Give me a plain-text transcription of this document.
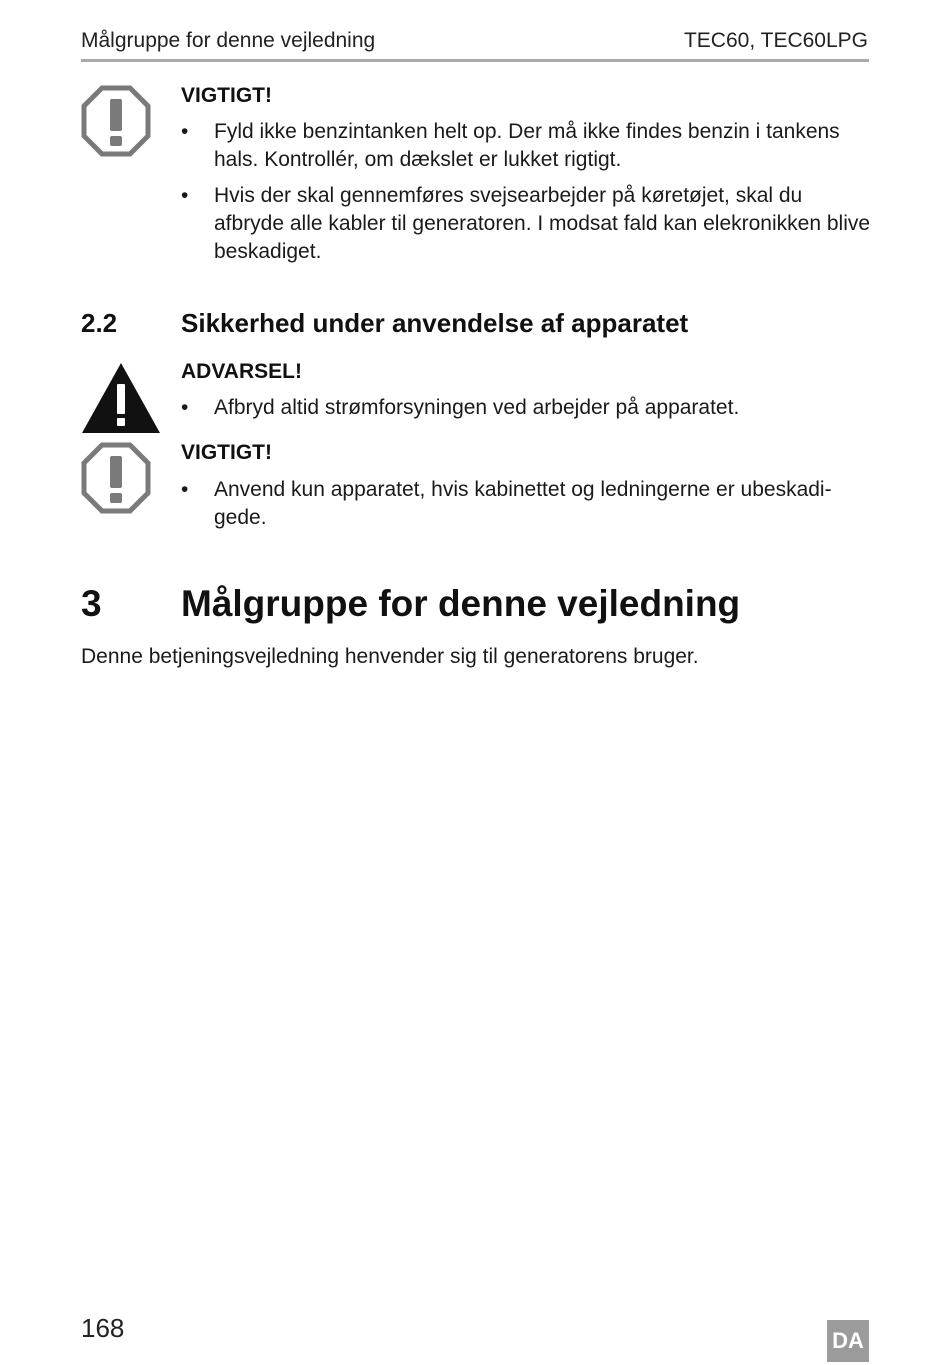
Målgruppe for denne vejledning	TEC60, TEC60LPG
VIGTIGT!
• Fyld ikke benzintanken helt op. Der må ikke findes benzin i tankens
hals. Kontrollér, om dækslet er lukket rigtigt.
• Hvis der skal gennemføres svejsearbejder på køretøjet, skal du
afbryde alle kabler til generatoren. I modsat fald kan elekronikken blive
beskadiget.
2.2 Sikkerhed under anvendelse af apparatet
ADVARSEL!
• Afbryd altid strømforsyningen ved arbejder på apparatet.
VIGTIGT!
• Anvend kun apparatet, hvis kabinettet og ledningerne er ubeskadi-
gede.
3 Målgruppe for denne vejledning
Denne betjeningsvejledning henvender sig til generatorens bruger.
168	DA
